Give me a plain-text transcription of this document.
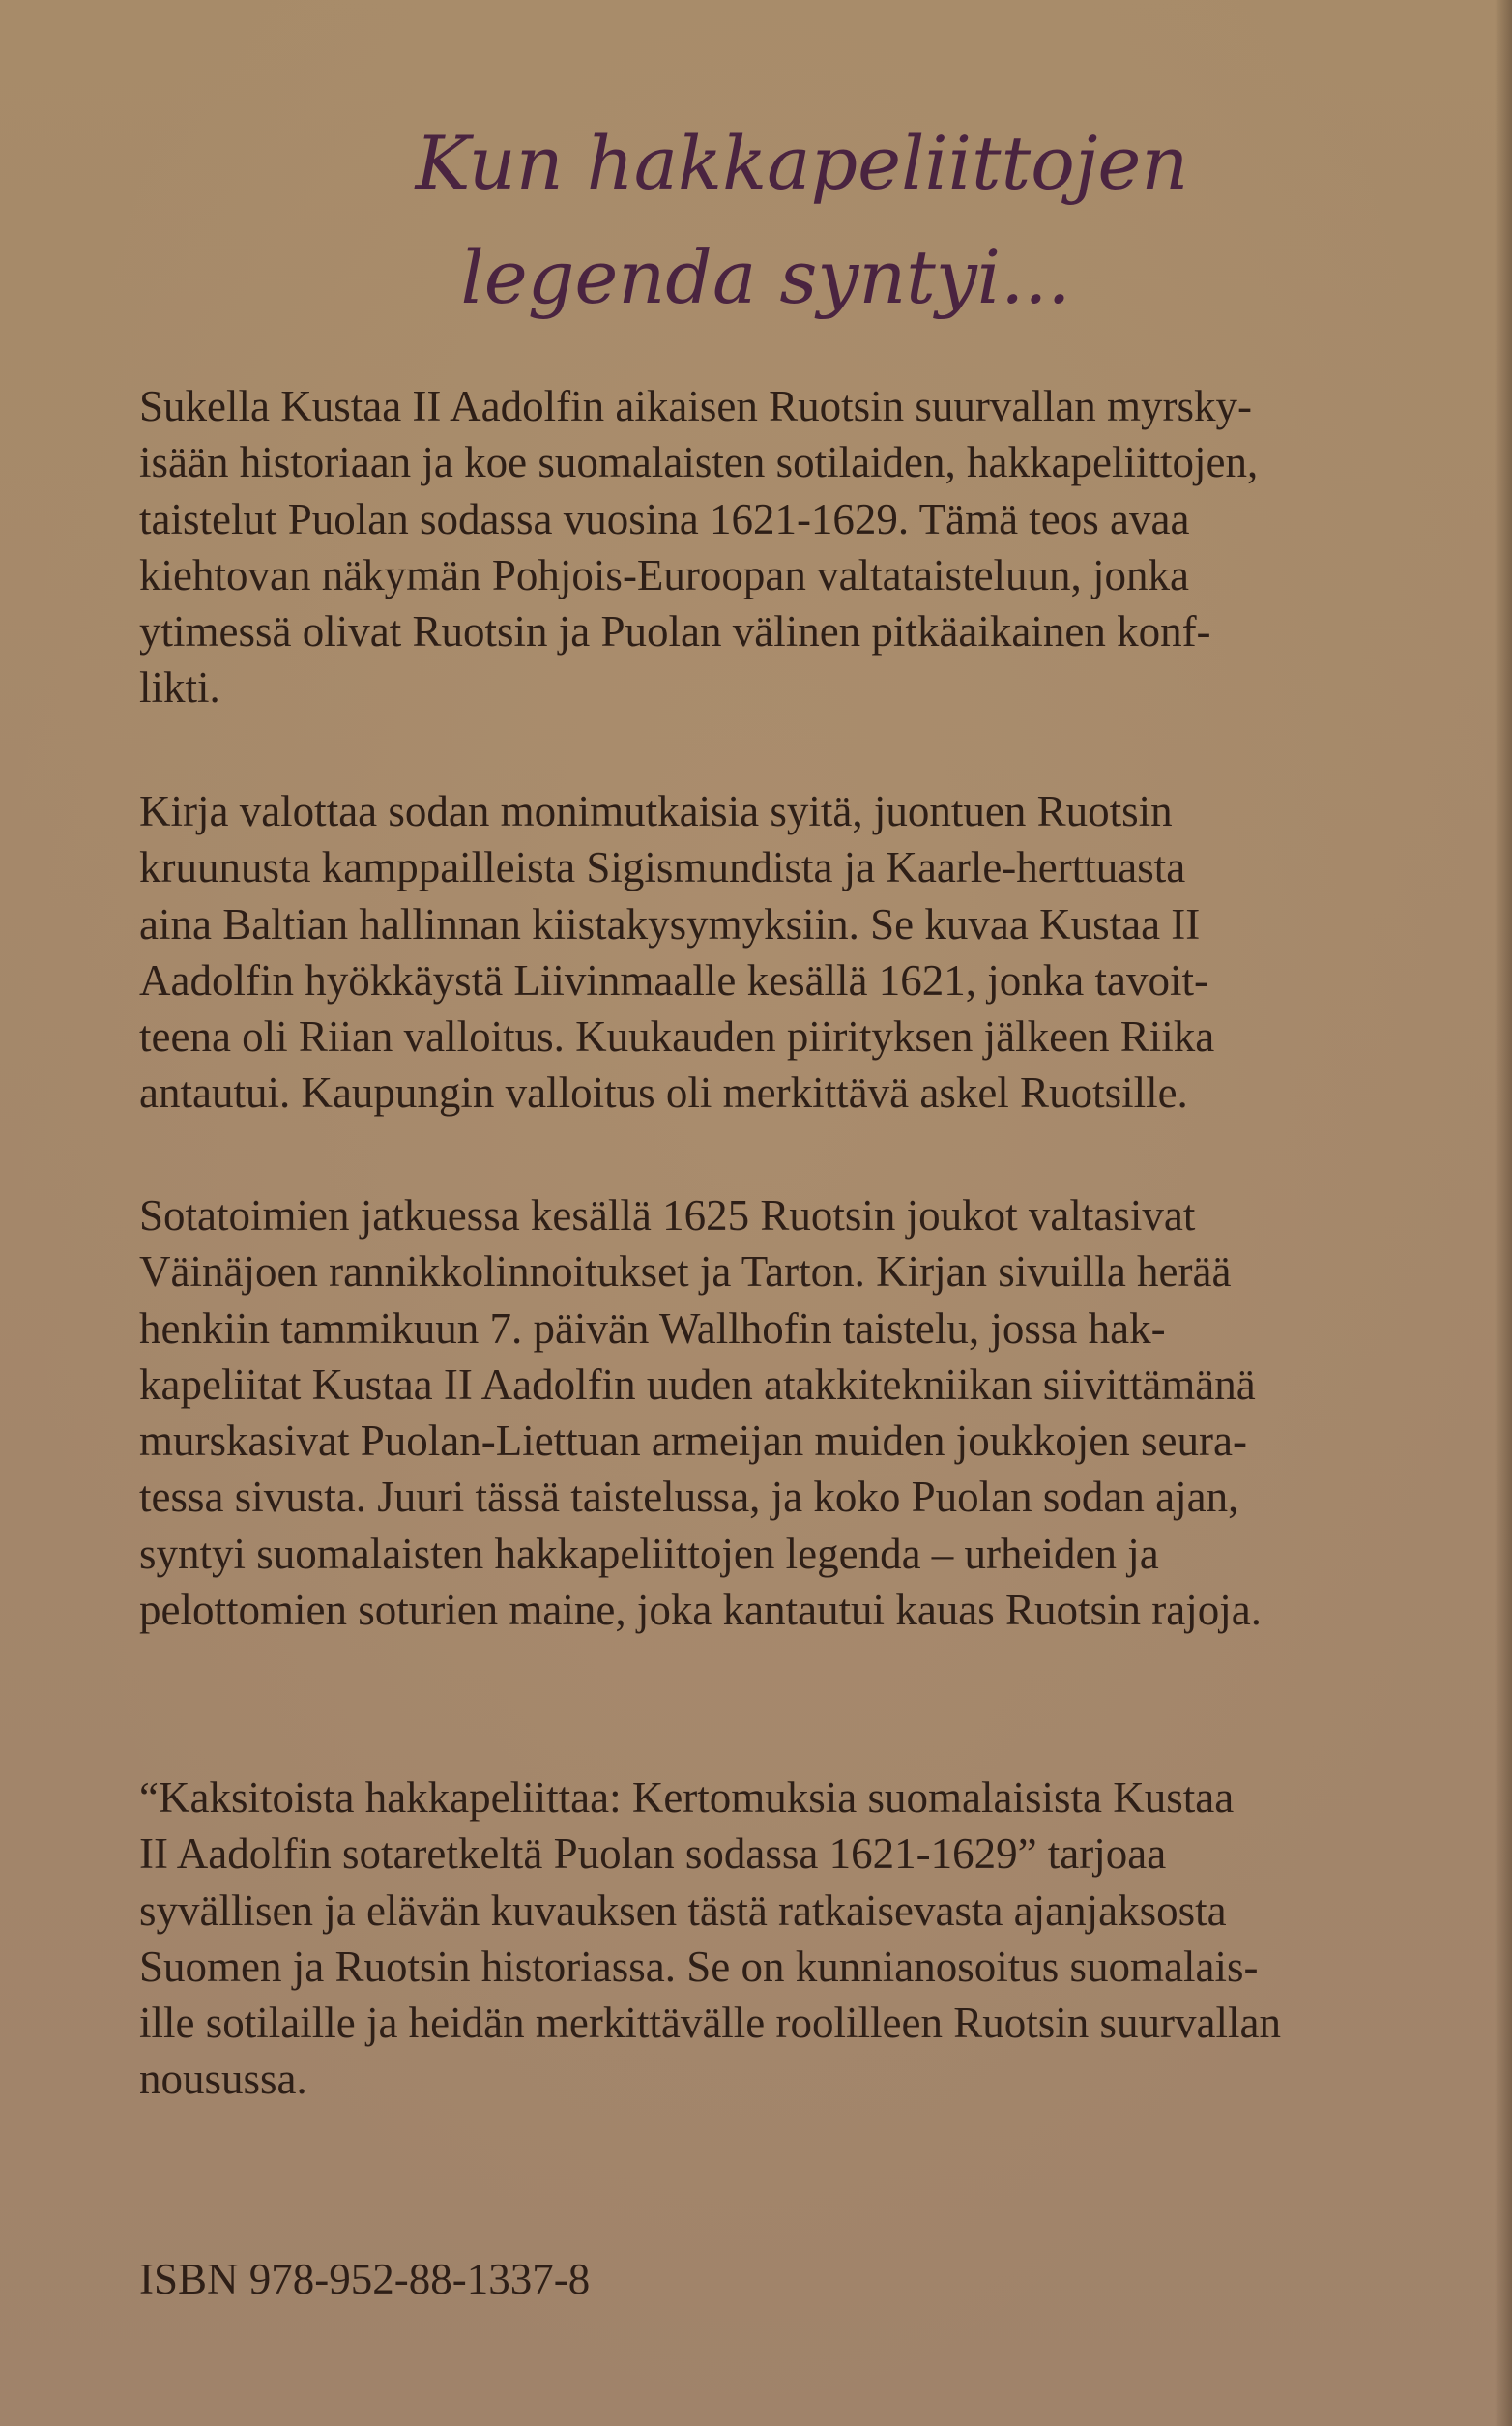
Kun hakkapeliittojen
legenda syntyi...
Sukella Kustaa II Aadolfin aikaisen Ruotsin suurvallan myrsky-
isään historiaan ja koe suomalaisten sotilaiden, hakkapeliittojen,
taistelut Puolan sodassa vuosina 1621-1629. Tämä teos avaa
kiehtovan näkymän Pohjois-Euroopan valtataisteluun, jonka
ytimessä olivat Ruotsin ja Puolan välinen pitkäaikainen konf-
likti.
Kirja valottaa sodan monimutkaisia syitä, juontuen Ruotsin
kruunusta kamppailleista Sigismundista ja Kaarle-herttuasta
aina Baltian hallinnan kiistakysymyksiin. Se kuvaa Kustaa II
Aadolfin hyökkäystä Liivinmaalle kesällä 1621, jonka tavoit-
teena oli Riian valloitus. Kuukauden piirityksen jälkeen Riika
antautui. Kaupungin valloitus oli merkittävä askel Ruotsille.
Sotatoimien jatkuessa kesällä 1625 Ruotsin joukot valtasivat
Väinäjoen rannikkolinnoitukset ja Tarton. Kirjan sivuilla herää
henkiin tammikuun 7. päivän Wallhofin taistelu, jossa hak-
kapeliitat Kustaa II Aadolfin uuden atakkitekniikan siivittämänä
murskasivat Puolan-Liettuan armeijan muiden joukkojen seura-
tessa sivusta. Juuri tässä taistelussa, ja koko Puolan sodan ajan,
syntyi suomalaisten hakkapeliittojen legenda – urheiden ja
pelottomien soturien maine, joka kantautui kauas Ruotsin rajoja.
“Kaksitoista hakkapeliittaa: Kertomuksia suomalaisista Kustaa
II Aadolfin sotaretkeltä Puolan sodassa 1621-1629” tarjoaa
syvällisen ja elävän kuvauksen tästä ratkaisevasta ajanjaksosta
Suomen ja Ruotsin historiassa. Se on kunnianosoitus suomalais-
ille sotilaille ja heidän merkittävälle roolilleen Ruotsin suurvallan
nousussa.
ISBN 978-952-88-1337-8
